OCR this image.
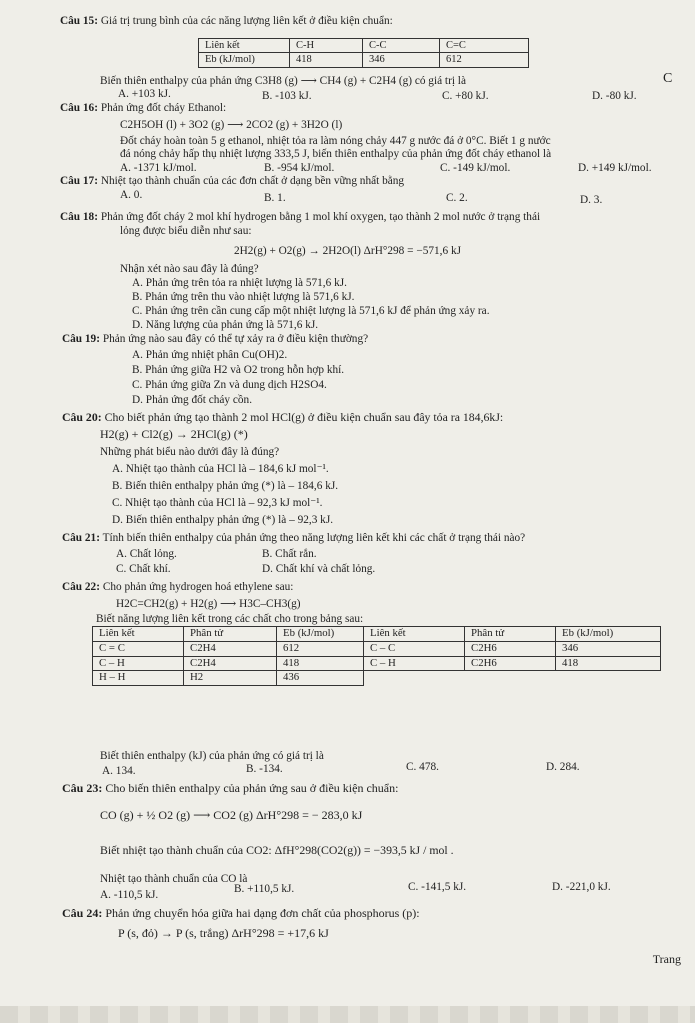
Câu 15: Giá trị trung bình của các năng lượng liên kết ở điều kiện chuẩn:
Liên kết	C-H	C-C	C=C
Eb (kJ/mol)	418	346	612
Biến thiên enthalpy của phản ứng C3H8 (g) ⟶ CH4 (g) + C2H4 (g) có giá trị là	C
A. +103 kJ.	B. -103 kJ.	C. +80 kJ.	D. -80 kJ.
Câu 16: Phản ứng đốt cháy Ethanol:
C2H5OH (l) + 3O2 (g) ⟶ 2CO2 (g) + 3H2O (l)
Đốt cháy hoàn toàn 5 g ethanol, nhiệt tỏa ra làm nóng chảy 447 g nước đá ở 0°C. Biết 1 g nước
đá nóng chảy hấp thụ nhiệt lượng 333,5 J, biến thiên enthalpy của phản ứng đốt cháy ethanol là
A. -1371 kJ/mol.	B. -954 kJ/mol.	C. -149 kJ/mol.	D. +149 kJ/mol.
Câu 17: Nhiệt tạo thành chuẩn của các đơn chất ở dạng bền vững nhất bằng
A. 0.	B. 1.	C. 2.	D. 3.
Câu 18: Phản ứng đốt cháy 2 mol khí hydrogen bằng 1 mol khí oxygen, tạo thành 2 mol nước ở trạng thái
lỏng được biểu diễn như sau:
2H2(g) + O2(g) → 2H2O(l) ΔrH°298 = −571,6 kJ
Nhận xét nào sau đây là đúng?
A. Phản ứng trên tỏa ra nhiệt lượng là 571,6 kJ.
B. Phản ứng trên thu vào nhiệt lượng là 571,6 kJ.
C. Phản ứng trên cần cung cấp một nhiệt lượng là 571,6 kJ để phản ứng xảy ra.
D. Năng lượng của phản ứng là 571,6 kJ.
Câu 19: Phản ứng nào sau đây có thể tự xảy ra ở điều kiện thường?
A. Phản ứng nhiệt phân Cu(OH)2.
B. Phản ứng giữa H2 và O2 trong hỗn hợp khí.
C. Phản ứng giữa Zn và dung dịch H2SO4.
D. Phản ứng đốt cháy cồn.
Câu 20: Cho biết phản ứng tạo thành 2 mol HCl(g) ở điều kiện chuẩn sau đây tỏa ra 184,6kJ:
H2(g) + Cl2(g) → 2HCl(g) (*)
Những phát biểu nào dưới đây là đúng?
A. Nhiệt tạo thành của HCl là – 184,6 kJ mol⁻¹.
B. Biến thiên enthalpy phản ứng (*) là – 184,6 kJ.
C. Nhiệt tạo thành của HCl là – 92,3 kJ mol⁻¹.
D. Biến thiên enthalpy phản ứng (*) là – 92,3 kJ.
Câu 21: Tính biến thiên enthalpy của phản ứng theo năng lượng liên kết khi các chất ở trạng thái nào?
A. Chất lỏng.	B. Chất rắn.
C. Chất khí.	D. Chất khí và chất lỏng.
Câu 22: Cho phản ứng hydrogen hoá ethylene sau:
H2C=CH2(g) + H2(g) ⟶ H3C–CH3(g)
Biết năng lượng liên kết trong các chất cho trong bảng sau:
Liên kết	Phân tử	Eb (kJ/mol)	Liên kết	Phân tử	Eb (kJ/mol)
C = C	C2H4	612	C – C	C2H6	346
C – H	C2H4	418	C – H	C2H6	418
H – H	H2	436			
Biết thiên enthalpy (kJ) của phản ứng có giá trị là
A. 134.	B. -134.	C. 478.	D. 284.
Câu 23: Cho biến thiên enthalpy của phản ứng sau ở điều kiện chuẩn:
CO (g) + ½ O2 (g) ⟶ CO2 (g) ΔrH°298 = − 283,0 kJ
Biết nhiệt tạo thành chuẩn của CO2: ΔfH°298(CO2(g)) = −393,5 kJ / mol .
Nhiệt tạo thành chuẩn của CO là
A. -110,5 kJ.	B. +110,5 kJ.	C. -141,5 kJ.	D. -221,0 kJ.
Câu 24: Phản ứng chuyển hóa giữa hai dạng đơn chất của phosphorus (p):
P (s, đỏ) → P (s, trắng) ΔrH°298 = +17,6 kJ
Trang
